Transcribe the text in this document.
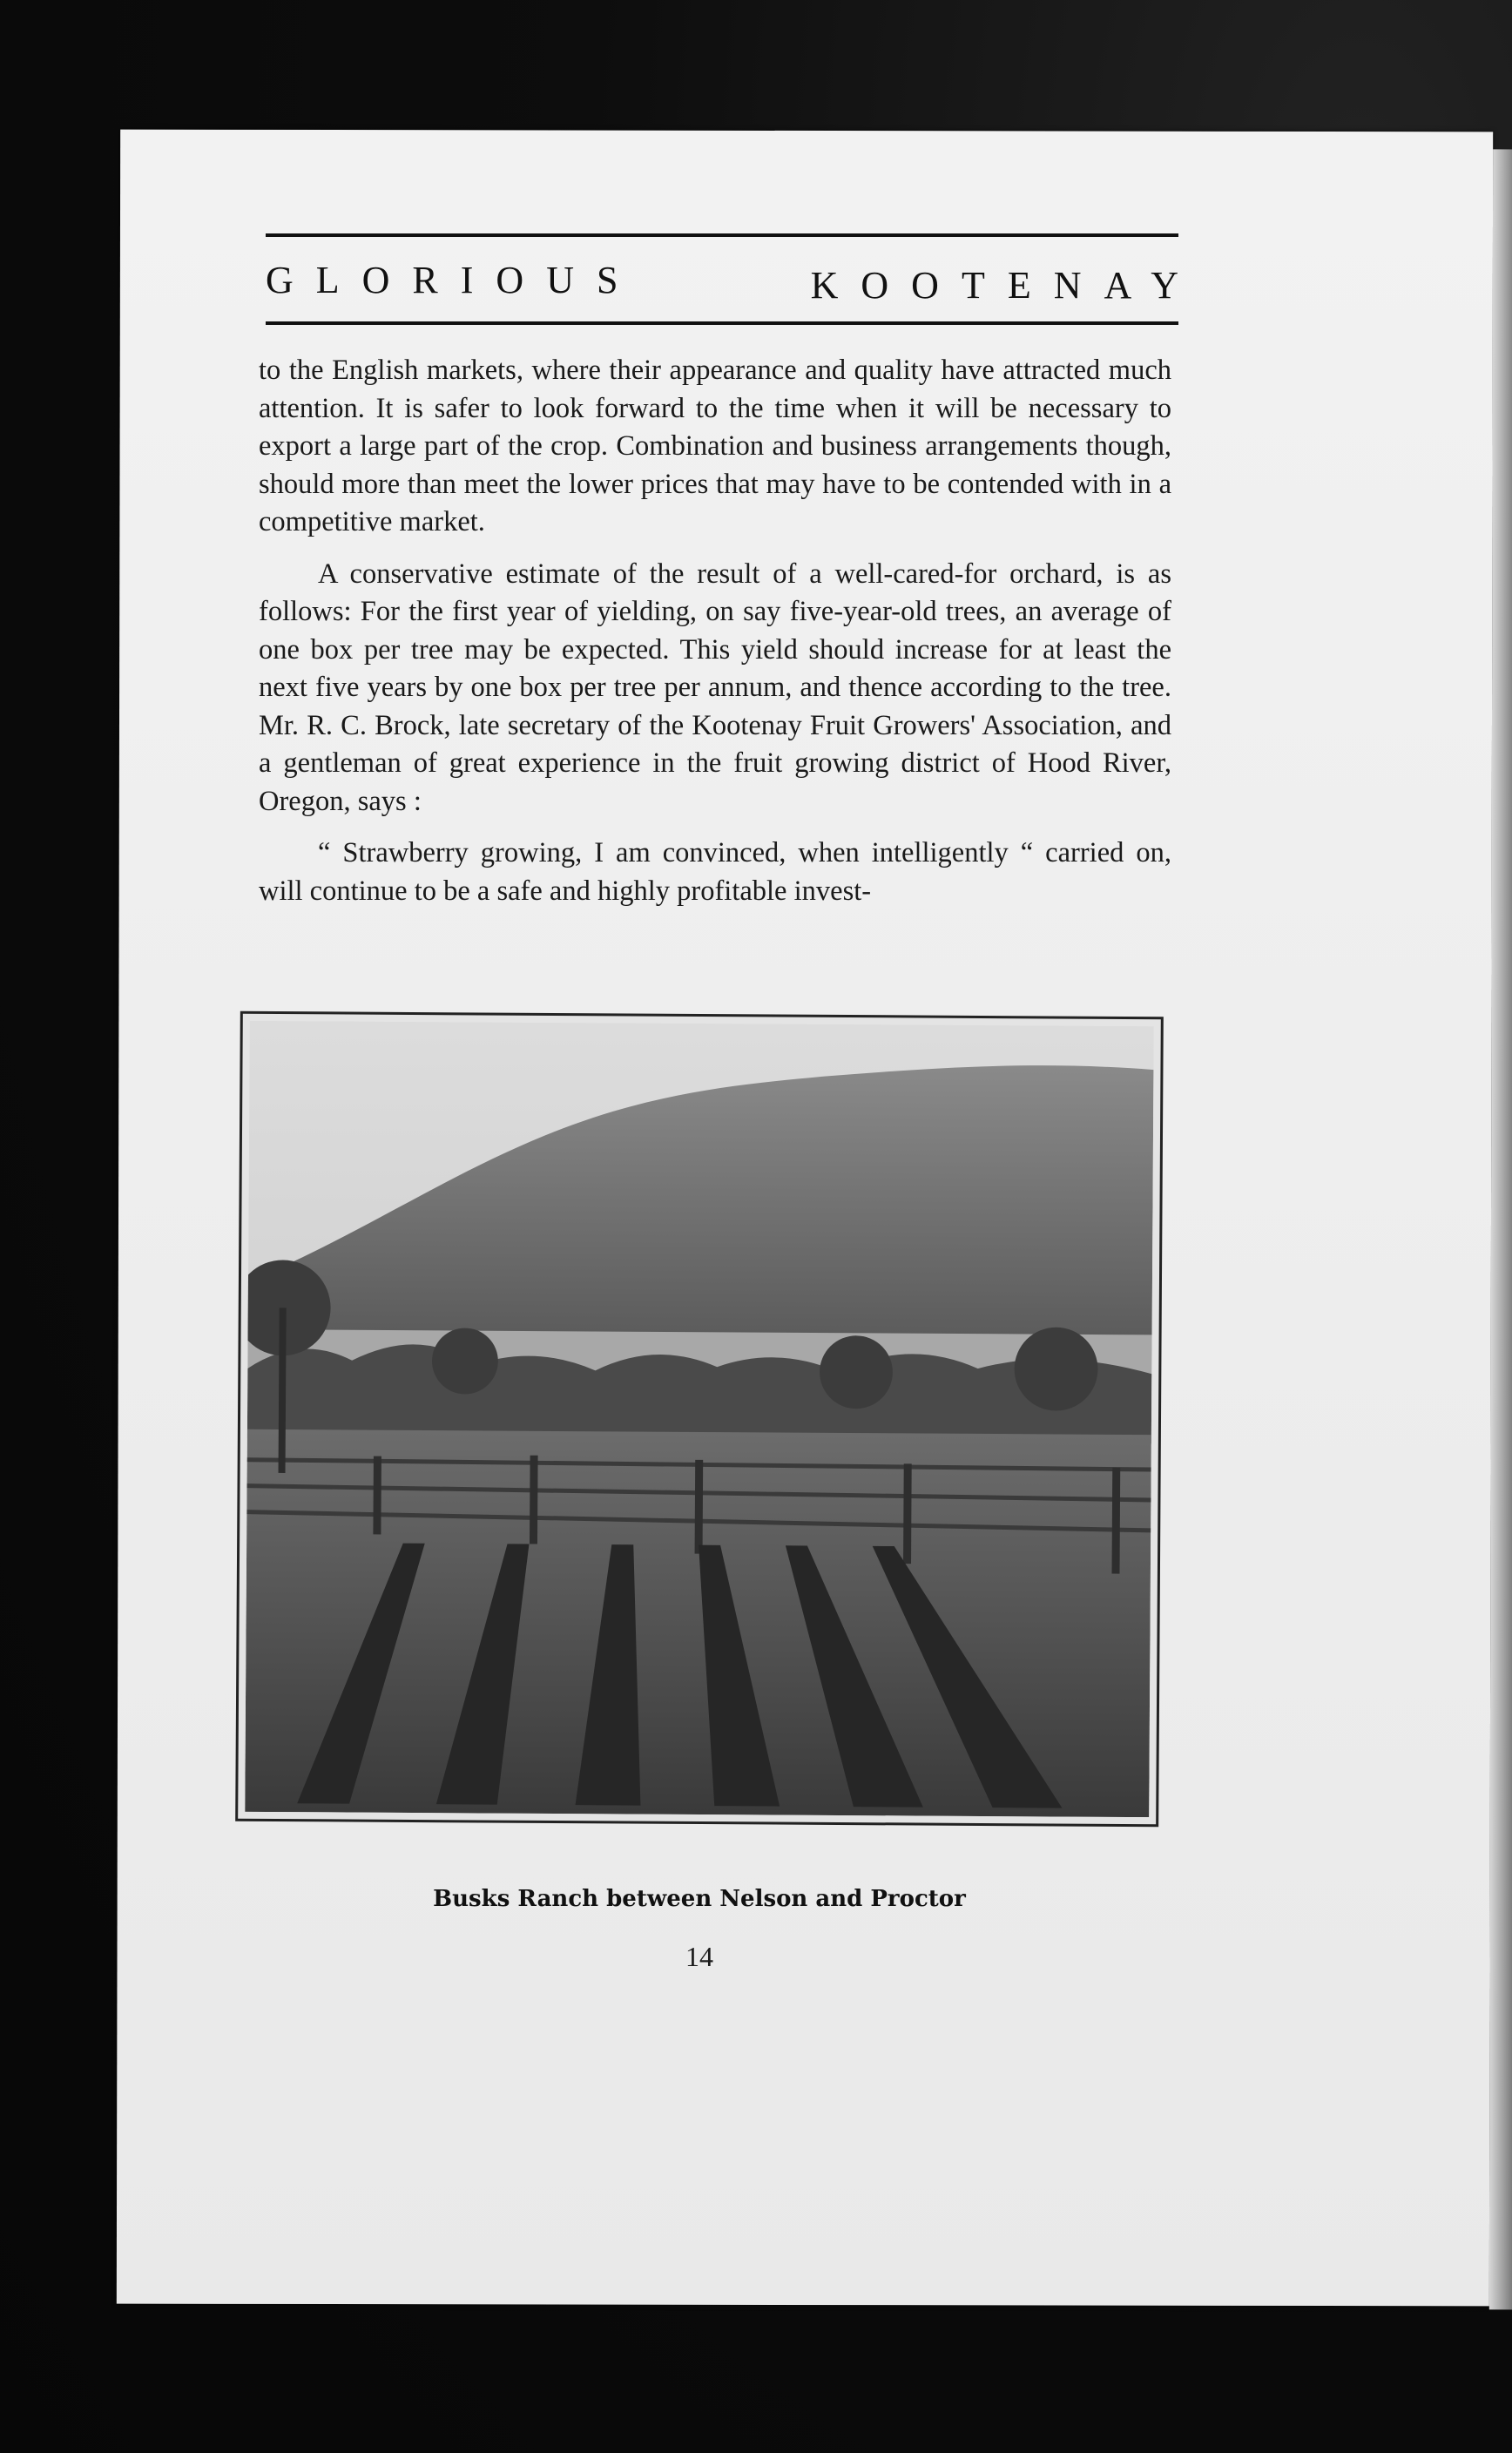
GLORIOUS	KOOTENAY

to the English markets, where their appearance and quality have attracted much attention. It is safer to look forward to the time when it will be necessary to export a large part of the crop. Combination and business arrangements though, should more than meet the lower prices that may have to be contended with in a competitive market.

A conservative estimate of the result of a well-cared-for orchard, is as follows: For the first year of yielding, on say five-year-old trees, an average of one box per tree may be expected. This yield should increase for at least the next five years by one box per tree per annum, and thence according to the tree. Mr. R. C. Brock, late secretary of the Kootenay Fruit Growers' Association, and a gentleman of great experience in the fruit growing district of Hood River, Oregon, says :

“ Strawberry growing, I am convinced, when intelligently “ carried on, will continue to be a safe and highly profitable invest-

Busks Ranch between Nelson and Proctor
14
